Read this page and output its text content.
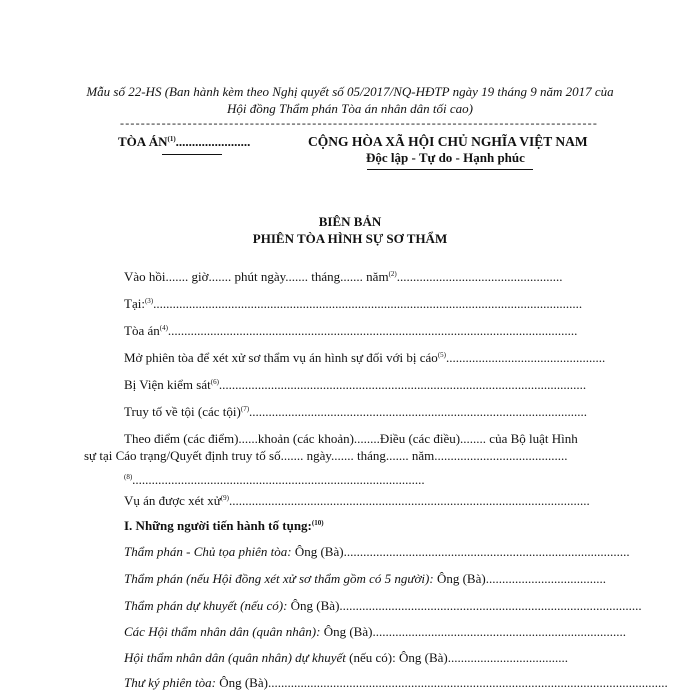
Mẫu số 22-HS (Ban hành kèm theo Nghị quyết số 05/2017/NQ-HĐTP ngày 19 tháng 9 năm 2017 của
Hội đồng Thẩm phán Tòa án nhân dân tối cao)
--------------------------------------------------------------------------------------------
TÒA ÁN$^{(1)}$.......................	CỘNG HÒA XÃ HỘI CHỦ NGHĨA VIỆT NAM
Độc lập - Tự do - Hạnh phúc
BIÊN BẢN
PHIÊN TÒA HÌNH SỰ SƠ THẨM
Vào hồi....... giờ....... phút ngày....... tháng....... năm$^{(2)}$...................................................
Tại:$^{(3)}$....................................................................................................................................
Tòa $án^{(4)}$..............................................................................................................................
Mở phiên tòa để xét xử sơ thẩm vụ án hình sự đối với bị cáo$^{(5)}$.................................................
Bị Viện kiểm sát$^{(6)}$.................................................................................................................
Truy tố về tội (các tội)$^{(7)}$........................................................................................................
Theo điểm (các điểm)......khoản (các khoản)........Điều (các điều)........ của Bộ luật Hình
sự tại Cáo trạng/Quyết định truy tố số....... ngày....... tháng....... năm.........................................
$^{(8)}$..........................................................................................
Vụ án được xét xử$^{(9)}$...............................................................................................................
I. Những người tiến hành tố tụng:$^{(10)}$
Thẩm phán - Chủ tọa phiên tòa: Ông (Bà)........................................................................................
Thẩm phán (nếu Hội đồng xét xử sơ thẩm gồm có 5 người): Ông (Bà).....................................
Thẩm phán dự khuyết (nếu có): Ông (Bà).............................................................................................
Các Hội thẩm nhân dân (quân nhân): Ông (Bà)..............................................................................
Hội thẩm nhân dân (quân nhân) dự khuyết (nếu có): Ông (Bà).....................................
Thư ký phiên tòa: Ông (Bà)...........................................................................................................................
